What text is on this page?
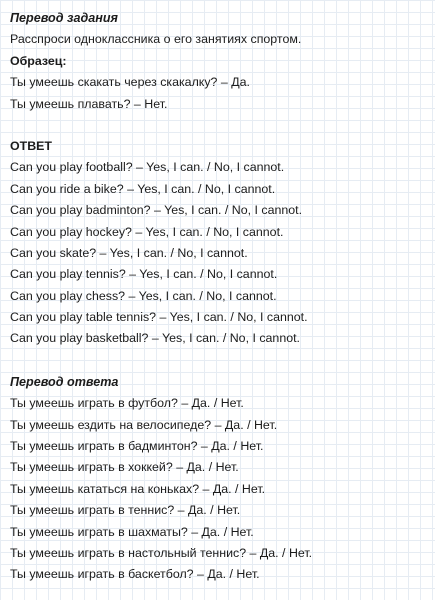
Перевод задания
Расспроси одноклассника о его занятиях спортом.
Образец:
Ты умеешь скакать через скакалку? – Да.
Ты умеешь плавать? – Нет.
ОТВЕТ
Can you play football? – Yes, I can. / No, I cannot.
Can you ride a bike? – Yes, I can. / No, I cannot.
Can you play badminton? – Yes, I can. / No, I cannot.
Can you play hockey? – Yes, I can. / No, I cannot.
Can you skate? – Yes, I can. / No, I cannot.
Can you play tennis? – Yes, I can. / No, I cannot.
Can you play chess? – Yes, I can. / No, I cannot.
Can you play table tennis? – Yes, I can. / No, I cannot.
Can you play basketball? – Yes, I can. / No, I cannot.
Перевод ответа
Ты умеешь играть в футбол? – Да. / Нет.
Ты умеешь ездить на велосипеде? – Да. / Нет.
Ты умеешь играть в бадминтон? – Да. / Нет.
Ты умеешь играть в хоккей? – Да. / Нет.
Ты умеешь кататься на коньках? – Да. / Нет.
Ты умеешь играть в теннис? – Да. / Нет.
Ты умеешь играть в шахматы? – Да. / Нет.
Ты умеешь играть в настольный теннис? – Да. / Нет.
Ты умеешь играть в баскетбол? – Да. / Нет.
